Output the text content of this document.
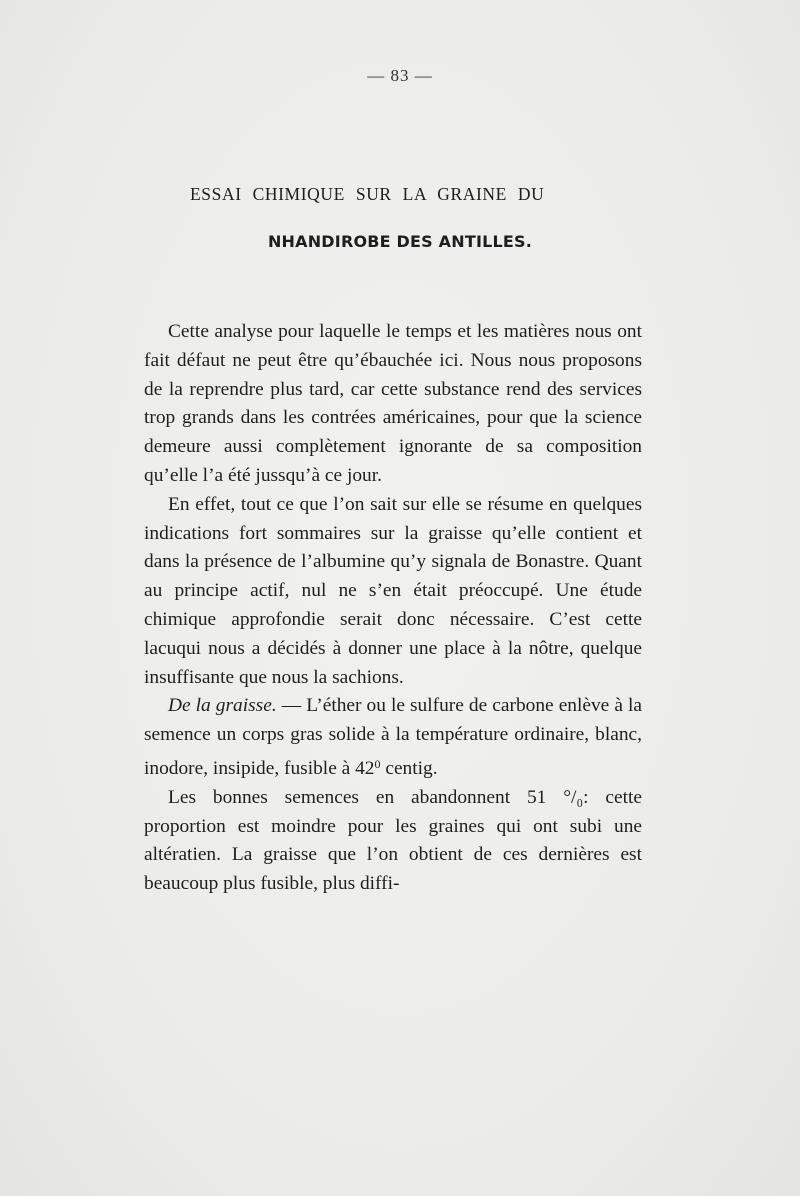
— 83 —
ESSAI CHIMIQUE SUR LA GRAINE DU
NHANDIROBE DES ANTILLES.

Cette analyse pour laquelle le temps et les matières nous ont fait défaut ne peut être qu’ébauchée ici. Nous nous proposons de la reprendre plus tard, car cette substance rend des services trop grands dans les contrées américaines, pour que la science demeure aussi complètement ignorante de sa composition qu’elle l’a été jussqu’à ce jour.

En effet, tout ce que l’on sait sur elle se résume en quelques indications fort sommaires sur la graisse qu’elle contient et dans la présence de l’albumine qu’y signala de Bonastre. Quant au principe actif, nul ne s’en était préoccupé. Une étude chimique approfondie serait donc nécessaire. C’est cette lacuqui nous a décidés à donner une place à la nôtre, quelque insuffisante que nous la sachions.

De la graisse. — L’éther ou le sulfure de carbone enlève à la semence un corps gras solide à la température ordinaire, blanc, inodore, insipide, fusible à $42^0$ centig.

Les bonnes semences en abandonnent 51 °/₀: cette proportion est moindre pour les graines qui ont subi une altératien. La graisse que l’on obtient de ces dernières est beaucoup plus fusible, plus diffi-
